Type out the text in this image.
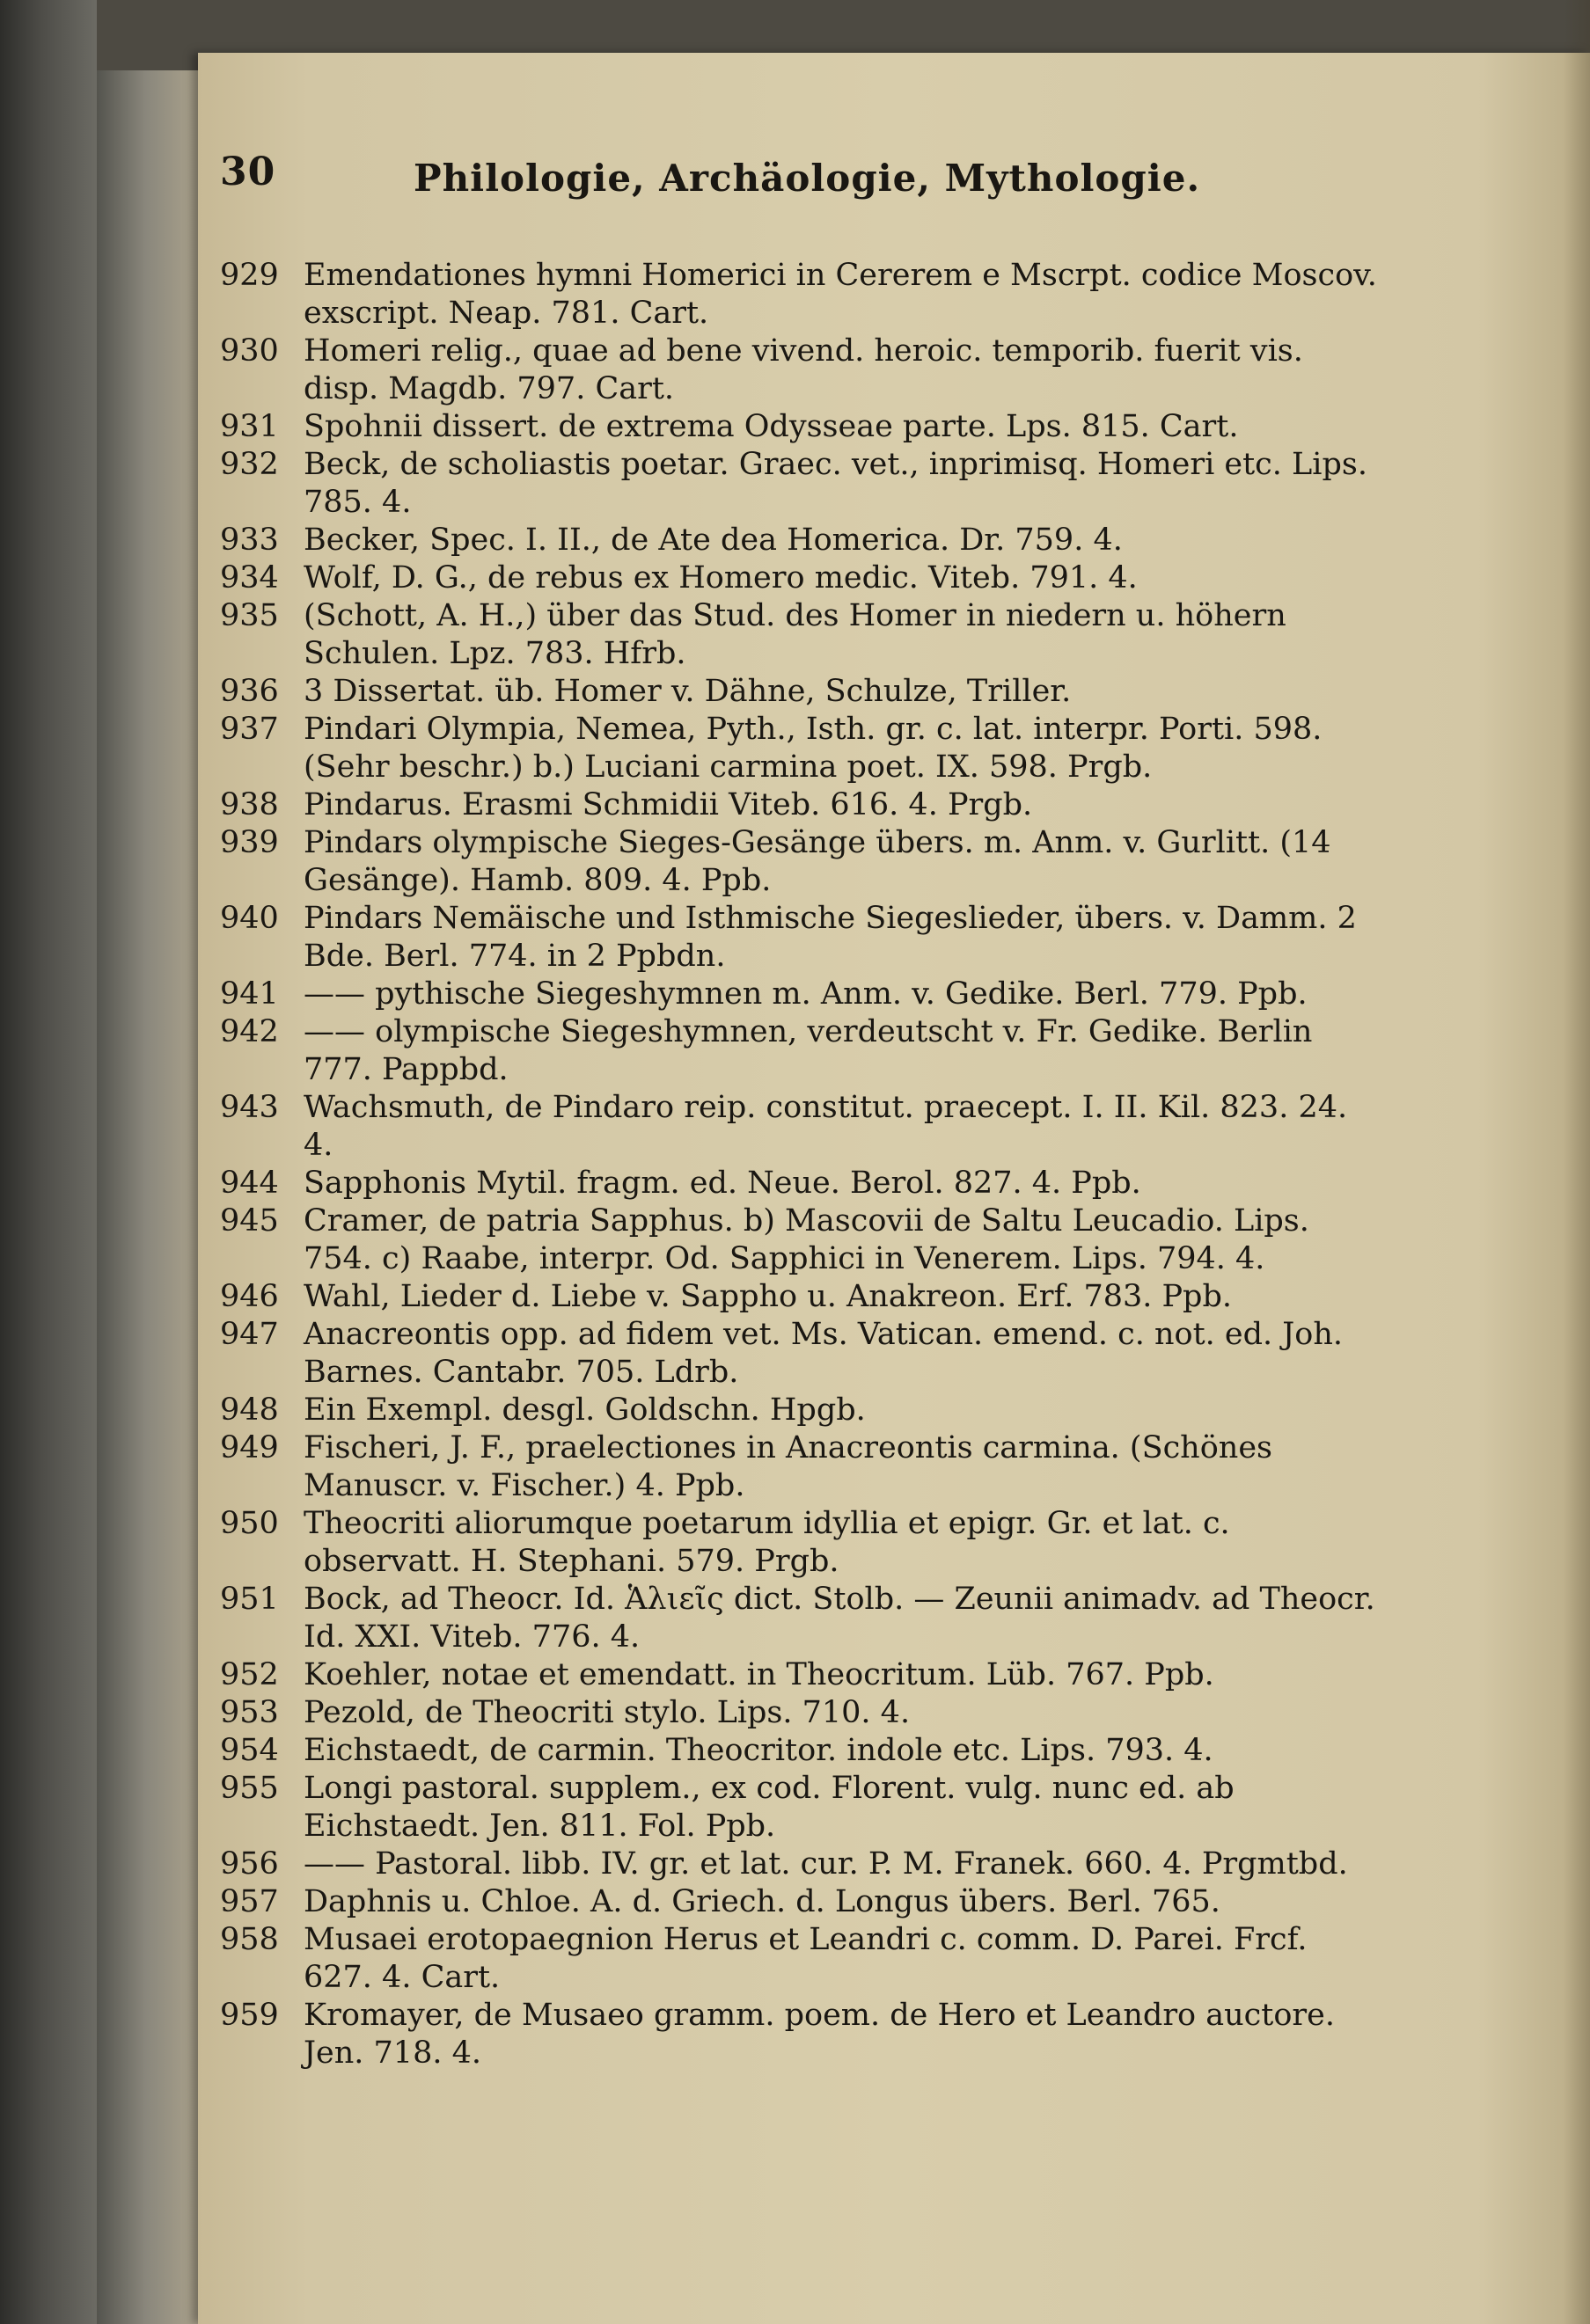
30	Philologie, Archäologie, Mythologie.
929 Emendationes hymni Homerici in Cererem e Mscrpt. codice Moscov. exscript. Neap. 781. Cart.
930 Homeri relig., quae ad bene vivend. heroic. temporib. fuerit vis. disp. Magdb. 797. Cart.
931 Spohnii dissert. de extrema Odysseae parte. Lps. 815. Cart.
932 Beck, de scholiastis poetar. Graec. vet., inprimisq. Homeri etc. Lips. 785. 4.
933 Becker, Spec. I. II., de Ate dea Homerica. Dr. 759. 4.
934 Wolf, D. G., de rebus ex Homero medic. Viteb. 791. 4.
935 (Schott, A. H.,) über das Stud. des Homer in niedern u. höhern Schulen. Lpz. 783. Hfrb.
936 3 Dissertat. üb. Homer v. Dähne, Schulze, Triller.
937 Pindari Olympia, Nemea, Pyth., Isth. gr. c. lat. interpr. Porti. 598. (Sehr beschr.) b.) Luciani carmina poet. IX. 598. Prgb.
938 Pindarus. Erasmi Schmidii Viteb. 616. 4. Prgb.
939 Pindars olympische Sieges-Gesänge übers. m. Anm. v. Gurlitt. (14 Gesänge). Hamb. 809. 4. Ppb.
940 Pindars Nemäische und Isthmische Siegeslieder, übers. v. Damm. 2 Bde. Berl. 774. in 2 Ppbdn.
941 —— pythische Siegeshymnen m. Anm. v. Gedike. Berl. 779. Ppb.
942 —— olympische Siegeshymnen, verdeutscht v. Fr. Gedike. Berlin 777. Pappbd.
943 Wachsmuth, de Pindaro reip. constitut. praecept. I. II. Kil. 823. 24. 4.
944 Sapphonis Mytil. fragm. ed. Neue. Berol. 827. 4. Ppb.
945 Cramer, de patria Sapphus. b) Mascovii de Saltu Leucadio. Lips. 754. c) Raabe, interpr. Od. Sapphici in Venerem. Lips. 794. 4.
946 Wahl, Lieder d. Liebe v. Sappho u. Anakreon. Erf. 783. Ppb.
947 Anacreontis opp. ad fidem vet. Ms. Vatican. emend. c. not. ed. Joh. Barnes. Cantabr. 705. Ldrb.
948 Ein Exempl. desgl. Goldschn. Hpgb.
949 Fischeri, J. F., praelectiones in Anacreontis carmina. (Schönes Manuscr. v. Fischer.) 4. Ppb.
950 Theocriti aliorumque poetarum idyllia et epigr. Gr. et lat. c. observatt. H. Stephani. 579. Prgb.
951 Bock, ad Theocr. Id. Ἁλιεῖς dict. Stolb. — Zeunii animadv. ad Theocr. Id. XXI. Viteb. 776. 4.
952 Koehler, notae et emendatt. in Theocritum. Lüb. 767. Ppb.
953 Pezold, de Theocriti stylo. Lips. 710. 4.
954 Eichstaedt, de carmin. Theocritor. indole etc. Lips. 793. 4.
955 Longi pastoral. supplem., ex cod. Florent. vulg. nunc ed. ab Eichstaedt. Jen. 811. Fol. Ppb.
956 —— Pastoral. libb. IV. gr. et lat. cur. P. M. Franek. 660. 4. Prgmtbd.
957 Daphnis u. Chloe. A. d. Griech. d. Longus übers. Berl. 765.
958 Musaei erotopaegnion Herus et Leandri c. comm. D. Parei. Frcf. 627. 4. Cart.
959 Kromayer, de Musaeo gramm. poem. de Hero et Leandro auctore. Jen. 718. 4.
